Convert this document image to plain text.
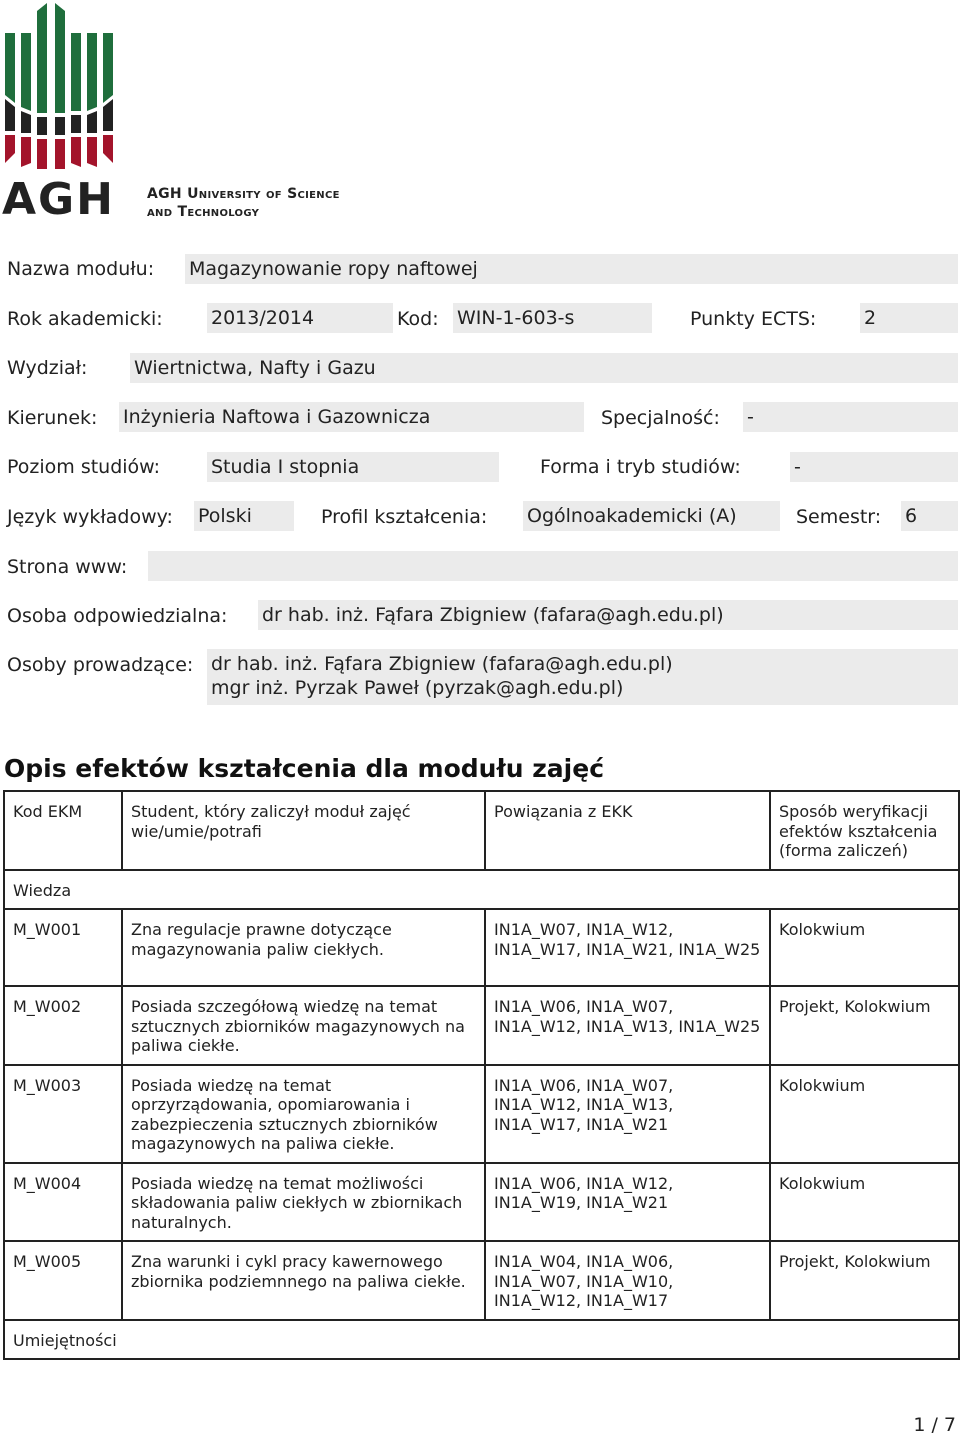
AGH AGH University of Science
and Technology
Nazwa modułu: Magazynowanie ropy naftowej
Rok akademicki:	2013/2014	Kod: WIN-1-603-s	Punkty ECTS:	2
Wydział: Wiertnictwa, Nafty i Gazu
Kierunek: Inżynieria Naftowa i Gazownicza	Specjalność: -
Poziom studiów:	Studia I stopnia	Forma i tryb studiów:	-
Język wykładowy: Polski	Profil kształcenia: Ogólnoakademicki (A)	Semestr: 6
Strona www:
Osoba odpowiedzialna: dr hab. inż. Fąfara Zbigniew (fafara@agh.edu.pl)
Osoby prowadzące: dr hab. inż. Fąfara Zbigniew (fafara@agh.edu.pl)
mgr inż. Pyrzak Paweł (pyrzak@agh.edu.pl)
Opis efektów kształcenia dla modułu zajęć
Kod EKM	Student, który zaliczył moduł zajęć wie/umie/potrafi	Powiązania z EKK	Sposób weryfikacji efektów kształcenia (forma zaliczeń)
Wiedza			
M_W001	Zna regulacje prawne dotyczące magazynowania paliw ciekłych.	IN1A_W07, IN1A_W12, IN1A_W17, IN1A_W21, IN1A_W25	Kolokwium
M_W002	Posiada szczegółową wiedzę na temat sztucznych zbiorników magazynowych na paliwa ciekłe.	IN1A_W06, IN1A_W07, IN1A_W12, IN1A_W13, IN1A_W25	Projekt, Kolokwium
M_W003	Posiada wiedzę na temat oprzyrządowania, opomiarowania i zabezpieczenia sztucznych zbiorników magazynowych na paliwa ciekłe.	IN1A_W06, IN1A_W07, IN1A_W12, IN1A_W13, IN1A_W17, IN1A_W21	Kolokwium
M_W004	Posiada wiedzę na temat możliwości składowania paliw ciekłych w zbiornikach naturalnych.	IN1A_W06, IN1A_W12, IN1A_W19, IN1A_W21	Kolokwium
M_W005	Zna warunki i cykl pracy kawernowego zbiornika podziemnnego na paliwa ciekłe.	IN1A_W04, IN1A_W06, IN1A_W07, IN1A_W10, IN1A_W12, IN1A_W17	Projekt, Kolokwium
Umiejętności			
1 / 7
